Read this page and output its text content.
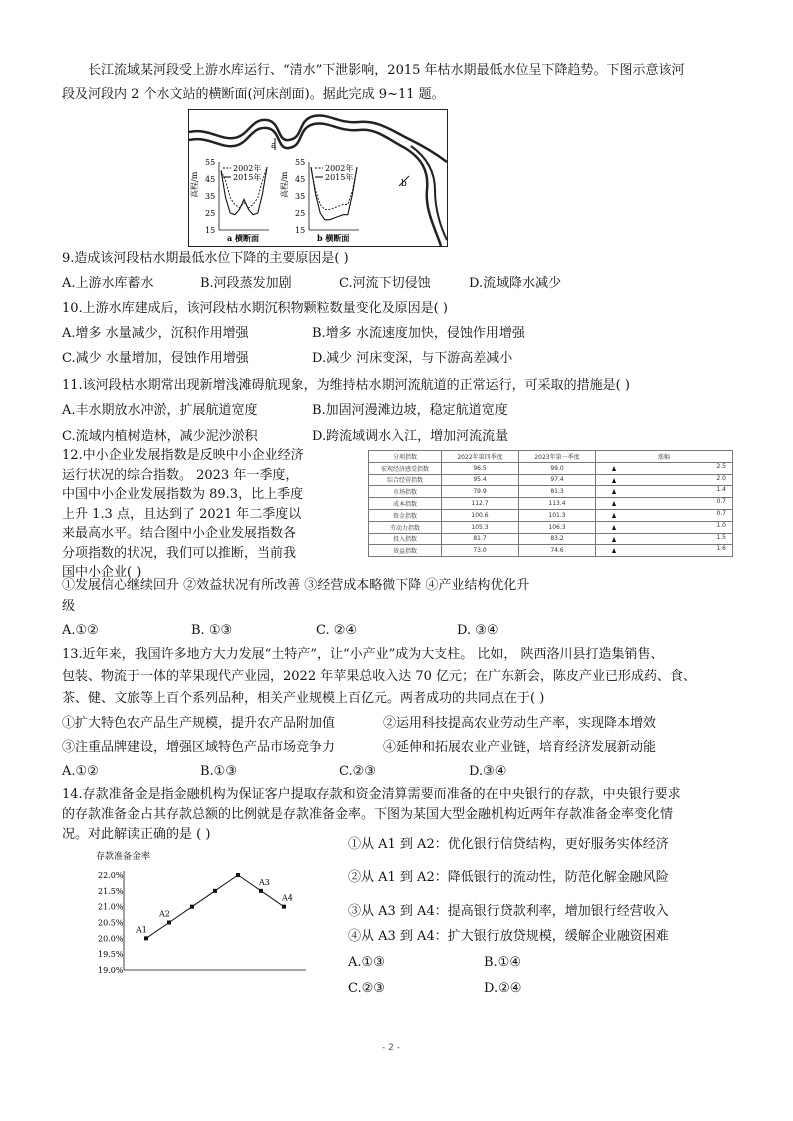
长江流域某河段受上游水库运行、“清水”下泄影响，2015 年枯水期最低水位呈下降趋势。下图示意该河
段及河段内 2 个水文站的横断面(河床剖面)。据此完成 9~11 题。
a
b
高程/m
55
45
35
25
15
2002年
2015年
a 横断面
高程/m
55
45
35
25
15
2002年
2015年
b 横断面
9.造成该河段枯水期最低水位下降的主要原因是( )
A.上游水库蓄水	B.河段蒸发加剧	C.河流下切侵蚀	D.流域降水减少
10.上游水库建成后，该河段枯水期沉积物颗粒数量变化及原因是( )
A.增多 水量减少，沉积作用增强	B.增多 水流速度加快，侵蚀作用增强
C.减少 水量增加，侵蚀作用增强	D.减少 河床变深，与下游高差减小
11.该河段枯水期常出现新增浅滩碍航现象，为维持枯水期河流航道的正常运行，可采取的措施是( )
A.丰水期放水冲淤，扩展航道宽度	B.加固河漫滩边坡，稳定航道宽度
C.流域内植树造林，减少泥沙淤积	D.跨流域调水入江，增加河流流量
12.中小企业发展指数是反映中小企业经济
运行状况的综合指数。 2023 年一季度，
中国中小企业发展指数为 89.3，比上季度
上升 1.3 点，且达到了 2021 年二季度以
来最高水平。结合图中小企业发展指数各
分项指数的状况，我们可以推断，当前我
国中小企业( )
分项指数	2022年第四季度	2023年第一季度	涨幅
宏观经济感受指数	96.5	99.0	2.5

综合经营指数	95.4	97.4	2.0

市场指数	79.9	81.3	1.4

成本指数	112.7	113.4	0.7

资金指数	100.6	101.3	0.7

劳动力指数	105.3	106.3	1.0

投入指数	81.7	83.2	1.5

效益指数	73.0	74.6	1.6
①发展信心继续回升 ②效益状况有所改善 ③经营成本略微下降 ④产业结构优化升
级
A.①②	B. ①③	C. ②④	D. ③④
13.近年来，我国许多地方大力发展“土特产”，让“小产业”成为大支柱。 比如， 陕西洛川县打造集销售、
包装、物流于一体的苹果现代产业园，2022 年苹果总收入达 70 亿元；在广东新会，陈皮产业已形成药、食、
茶、健、文旅等上百个系列品种，相关产业规模上百亿元。两者成功的共同点在于( )
①扩大特色农产品生产规模，提升农产品附加值	②运用科技提高农业劳动生产率，实现降本增效
③注重品牌建设，增强区域特色产品市场竞争力	④延伸和拓展农业产业链，培育经济发展新动能
A.①②	B.①③	C.②③	D.③④
14.存款准备金是指金融机构为保证客户提取存款和资金清算需要而准备的在中央银行的存款，中央银行要求
的存款准备金占其存款总额的比例就是存款准备金率。下图为某国大型金融机构近两年存款准备金率变化情
况。对此解读正确的是 ( )
存款准备金率
22.0%
21.5%
21.0%
20.5%
20.0%
19.5%
19.0%
A1
A2
A3
A4
①从 A1 到 A2：优化银行信贷结构，更好服务实体经济
②从 A1 到 A2：降低银行的流动性，防范化解金融风险
③从 A3 到 A4：提高银行贷款利率，增加银行经营收入
④从 A3 到 A4：扩大银行放贷规模，缓解企业融资困难
A.①③	B.①④
C.②③	D.②④
- 2 -
